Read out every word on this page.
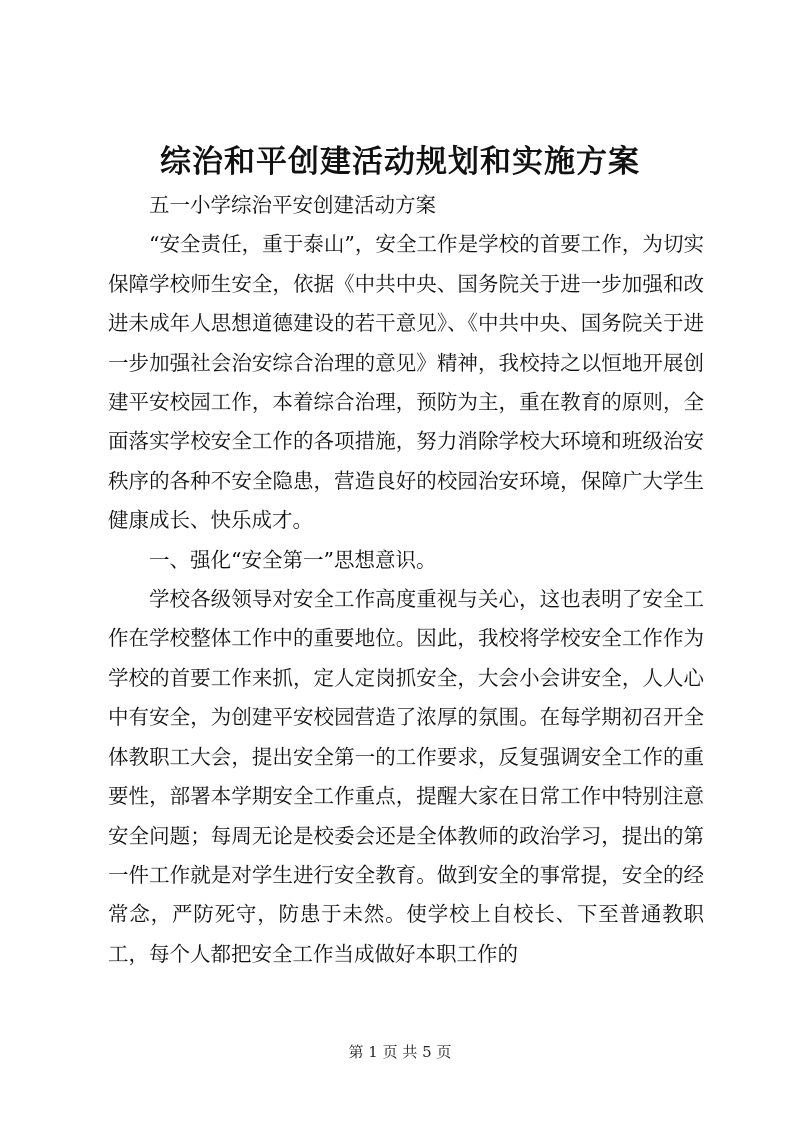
综治和平创建活动规划和实施方案

五一小学综治平安创建活动方案

“安全责任，重于泰山”，安全工作是学校的首要工作，为切实保障学校师生安全，依据《中共中央、国务院关于进一步加强和改进未成年人思想道德建设的若干意见》、《中共中央、国务院关于进一步加强社会治安综合治理的意见》精神，我校持之以恒地开展创建平安校园工作，本着综合治理，预防为主，重在教育的原则，全面落实学校安全工作的各项措施，努力消除学校大环境和班级治安秩序的各种不安全隐患，营造良好的校园治安环境，保障广大学生健康成长、快乐成才。

一、强化“安全第一”思想意识。

学校各级领导对安全工作高度重视与关心，这也表明了安全工作在学校整体工作中的重要地位。因此，我校将学校安全工作作为学校的首要工作来抓，定人定岗抓安全，大会小会讲安全，人人心中有安全，为创建平安校园营造了浓厚的氛围。在每学期初召开全体教职工大会，提出安全第一的工作要求，反复强调安全工作的重要性，部署本学期安全工作重点，提醒大家在日常工作中特别注意安全问题；每周无论是校委会还是全体教师的政治学习，提出的第一件工作就是对学生进行安全教育。做到安全的事常提，安全的经常念，严防死守，防患于未然。使学校上自校长、下至普通教职工，每个人都把安全工作当成做好本职工作的

第 1 页 共 5 页
